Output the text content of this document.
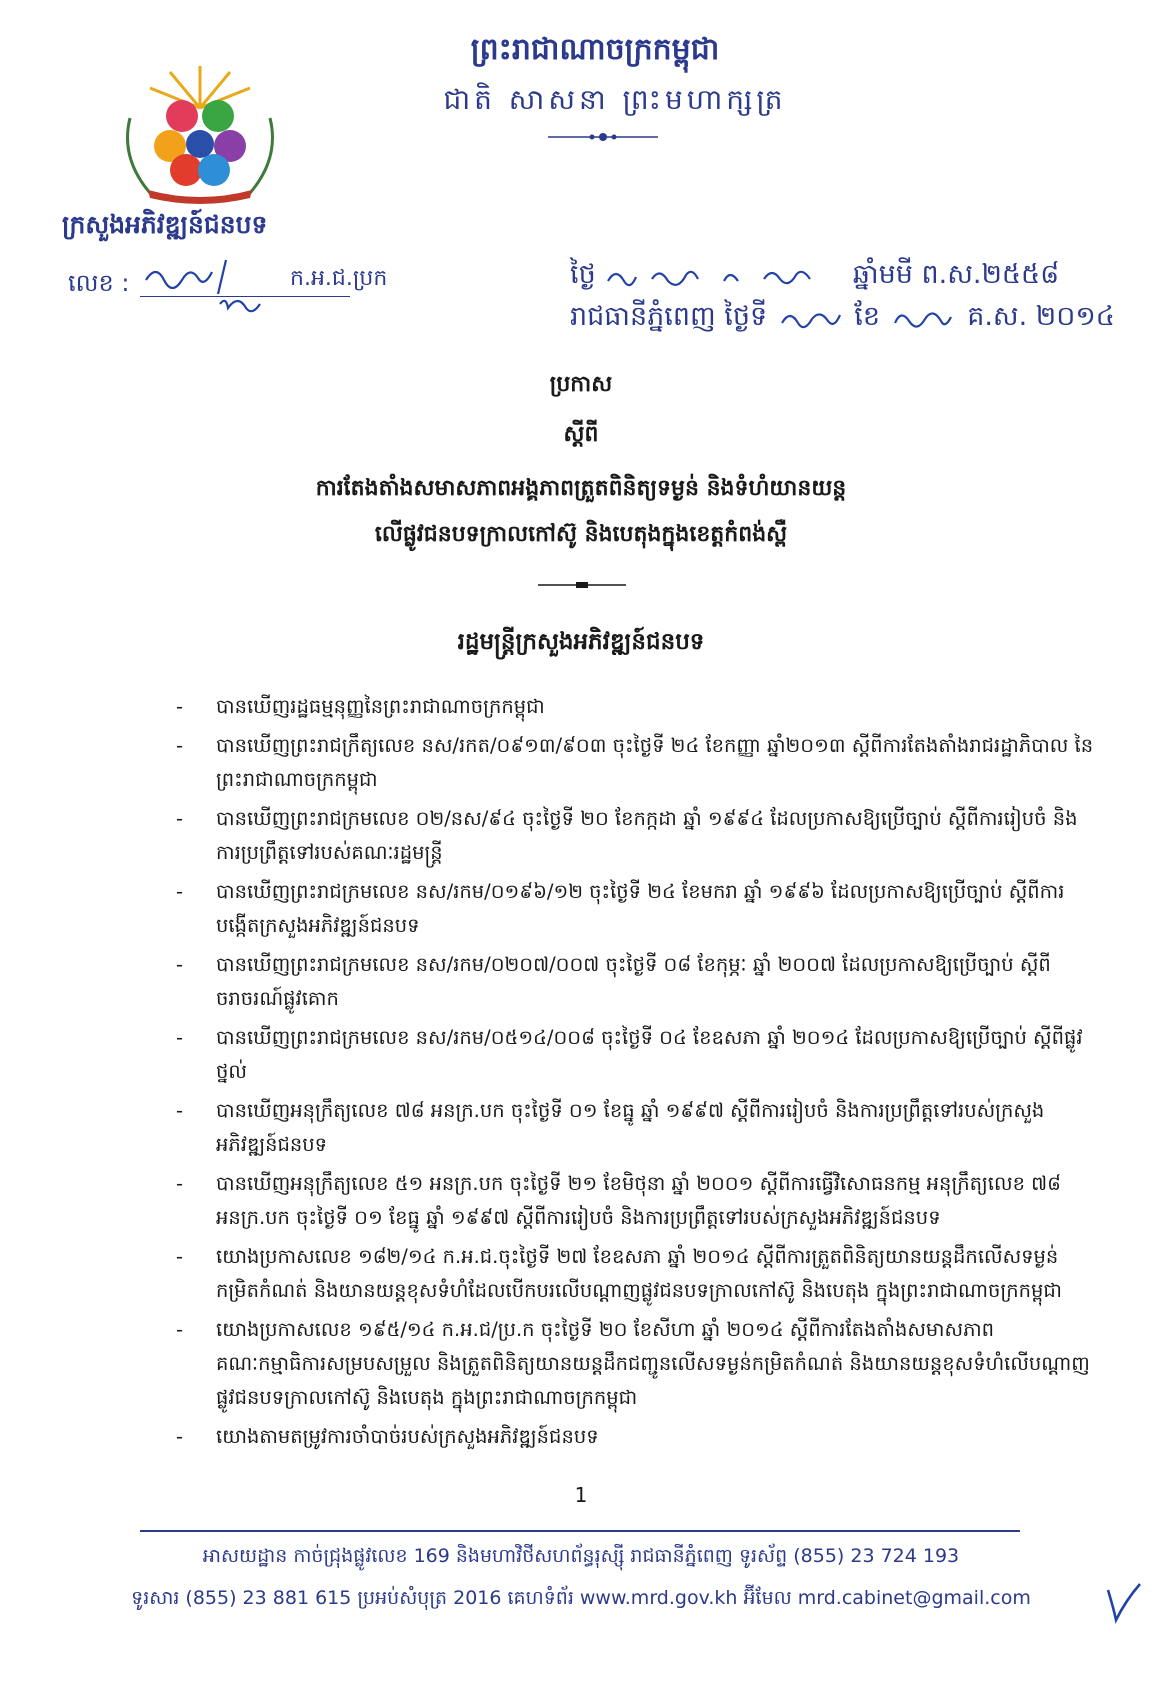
ព្រះរាជាណាចក្រកម្ពុជា
ជាតិ សាសនា ព្រះមហាក្សត្រ
ក្រសួងអភិវឌ្ឍន៍ជនបទ
លេខ :	ក.អ.ជ.ប្រក	ថ្ងៃ	ឆ្នាំមមី ព.ស.២៥៥៨
រាជធានីភ្នំពេញ ថ្ងៃទី	ខែ	គ.ស. ២០១៤
ប្រកាស
ស្តីពី
ការតែងតាំងសមាសភាពអង្គភាពត្រួតពិនិត្យទម្ងន់ និងទំហំយានយន្ត
លើផ្លូវជនបទក្រាលកៅស៊ូ និងបេតុងក្នុងខេត្តកំពង់ស្ពឺ
រដ្ឋមន្ត្រីក្រសួងអភិវឌ្ឍន៍ជនបទ
- បានឃើញរដ្ឋធម្មនុញ្ញនៃព្រះរាជាណាចក្រកម្ពុជា
- បានឃើញព្រះរាជក្រឹត្យលេខ នស/រកត/០៩១៣/៩០៣ ចុះថ្ងៃទី ២៤ ខែកញ្ញា ឆ្នាំ២០១៣ ស្តីពីការតែងតាំងរាជរដ្ឋាភិបាល នៃព្រះរាជាណាចក្រកម្ពុជា
- បានឃើញព្រះរាជក្រមលេខ ០២/នស/៩៤ ចុះថ្ងៃទី ២០ ខែកក្កដា ឆ្នាំ ១៩៩៤ ដែលប្រកាសឱ្យប្រើច្បាប់ ស្តីពីការរៀបចំ និងការប្រព្រឹត្តទៅរបស់គណៈរដ្ឋមន្ត្រី
- បានឃើញព្រះរាជក្រមលេខ នស/រកម/០១៩៦/១២ ចុះថ្ងៃទី ២៤ ខែមករា ឆ្នាំ ១៩៩៦ ដែលប្រកាសឱ្យប្រើច្បាប់ ស្តីពីការបង្កើតក្រសួងអភិវឌ្ឍន៍ជនបទ
- បានឃើញព្រះរាជក្រមលេខ នស/រកម/០២០៧/០០៧ ចុះថ្ងៃទី ០៨ ខែកុម្ភៈ ឆ្នាំ ២០០៧ ដែលប្រកាសឱ្យប្រើច្បាប់ ស្តីពីចរាចរណ៍ផ្លូវគោក
- បានឃើញព្រះរាជក្រមលេខ នស/រកម/០៥១៤/០០៨ ចុះថ្ងៃទី ០៤ ខែឧសភា ឆ្នាំ ២០១៤ ដែលប្រកាសឱ្យប្រើច្បាប់ ស្តីពីផ្លូវថ្នល់
- បានឃើញអនុក្រឹត្យលេខ ៧៨ អនក្រ.បក ចុះថ្ងៃទី ០១ ខែធ្នូ ឆ្នាំ ១៩៩៧ ស្តីពីការរៀបចំ និងការប្រព្រឹត្តទៅរបស់ក្រសួងអភិវឌ្ឍន៍ជនបទ
- បានឃើញអនុក្រឹត្យលេខ ៥១ អនក្រ.បក ចុះថ្ងៃទី ២១ ខែមិថុនា ឆ្នាំ ២០០១ ស្តីពីការធ្វើវិសោធនកម្ម អនុក្រឹត្យលេខ ៧៨ អនក្រ.បក ចុះថ្ងៃទី ០១ ខែធ្នូ ឆ្នាំ ១៩៩៧ ស្តីពីការរៀបចំ និងការប្រព្រឹត្តទៅរបស់ក្រសួងអភិវឌ្ឍន៍ជនបទ
- យោងប្រកាសលេខ ១៨២/១៤ ក.អ.ជ.ចុះថ្ងៃទី ២៧ ខែឧសភា ឆ្នាំ ២០១៤ ស្តីពីការត្រួតពិនិត្យយានយន្តដឹកលើសទម្ងន់កម្រិតកំណត់ និងយានយន្តខុសទំហំដែលបើកបរលើបណ្តាញផ្លូវជនបទក្រាលកៅស៊ូ និងបេតុង ក្នុងព្រះរាជាណាចក្រកម្ពុជា
- យោងប្រកាសលេខ ១៩៥/១៤ ក.អ.ជ/ប្រ.ក ចុះថ្ងៃទី ២០ ខែសីហា ឆ្នាំ ២០១៤ ស្តីពីការតែងតាំងសមាសភាពគណៈកម្មាធិការសម្របសម្រួល និងត្រួតពិនិត្យយានយន្តដឹកជញ្ជូនលើសទម្ងន់កម្រិតកំណត់ និងយានយន្តខុសទំហំលើបណ្តាញផ្លូវជនបទក្រាលកៅស៊ូ និងបេតុង ក្នុងព្រះរាជាណាចក្រកម្ពុជា
- យោងតាមតម្រូវការចាំបាច់របស់ក្រសួងអភិវឌ្ឍន៍ជនបទ
1
អាសយដ្ឋាន កាច់ជ្រុងផ្លូវលេខ 169 និងមហាវិថីសហព័ន្ធរុស្ស៊ី រាជធានីភ្នំពេញ ទូរស័ព្ទ (855) 23 724 193
ទូរសារ (855) 23 881 615 ប្រអប់សំបុត្រ 2016 គេហទំព័រ www.mrd.gov.kh អ៊ីមែល mrd.cabinet@gmail.com
